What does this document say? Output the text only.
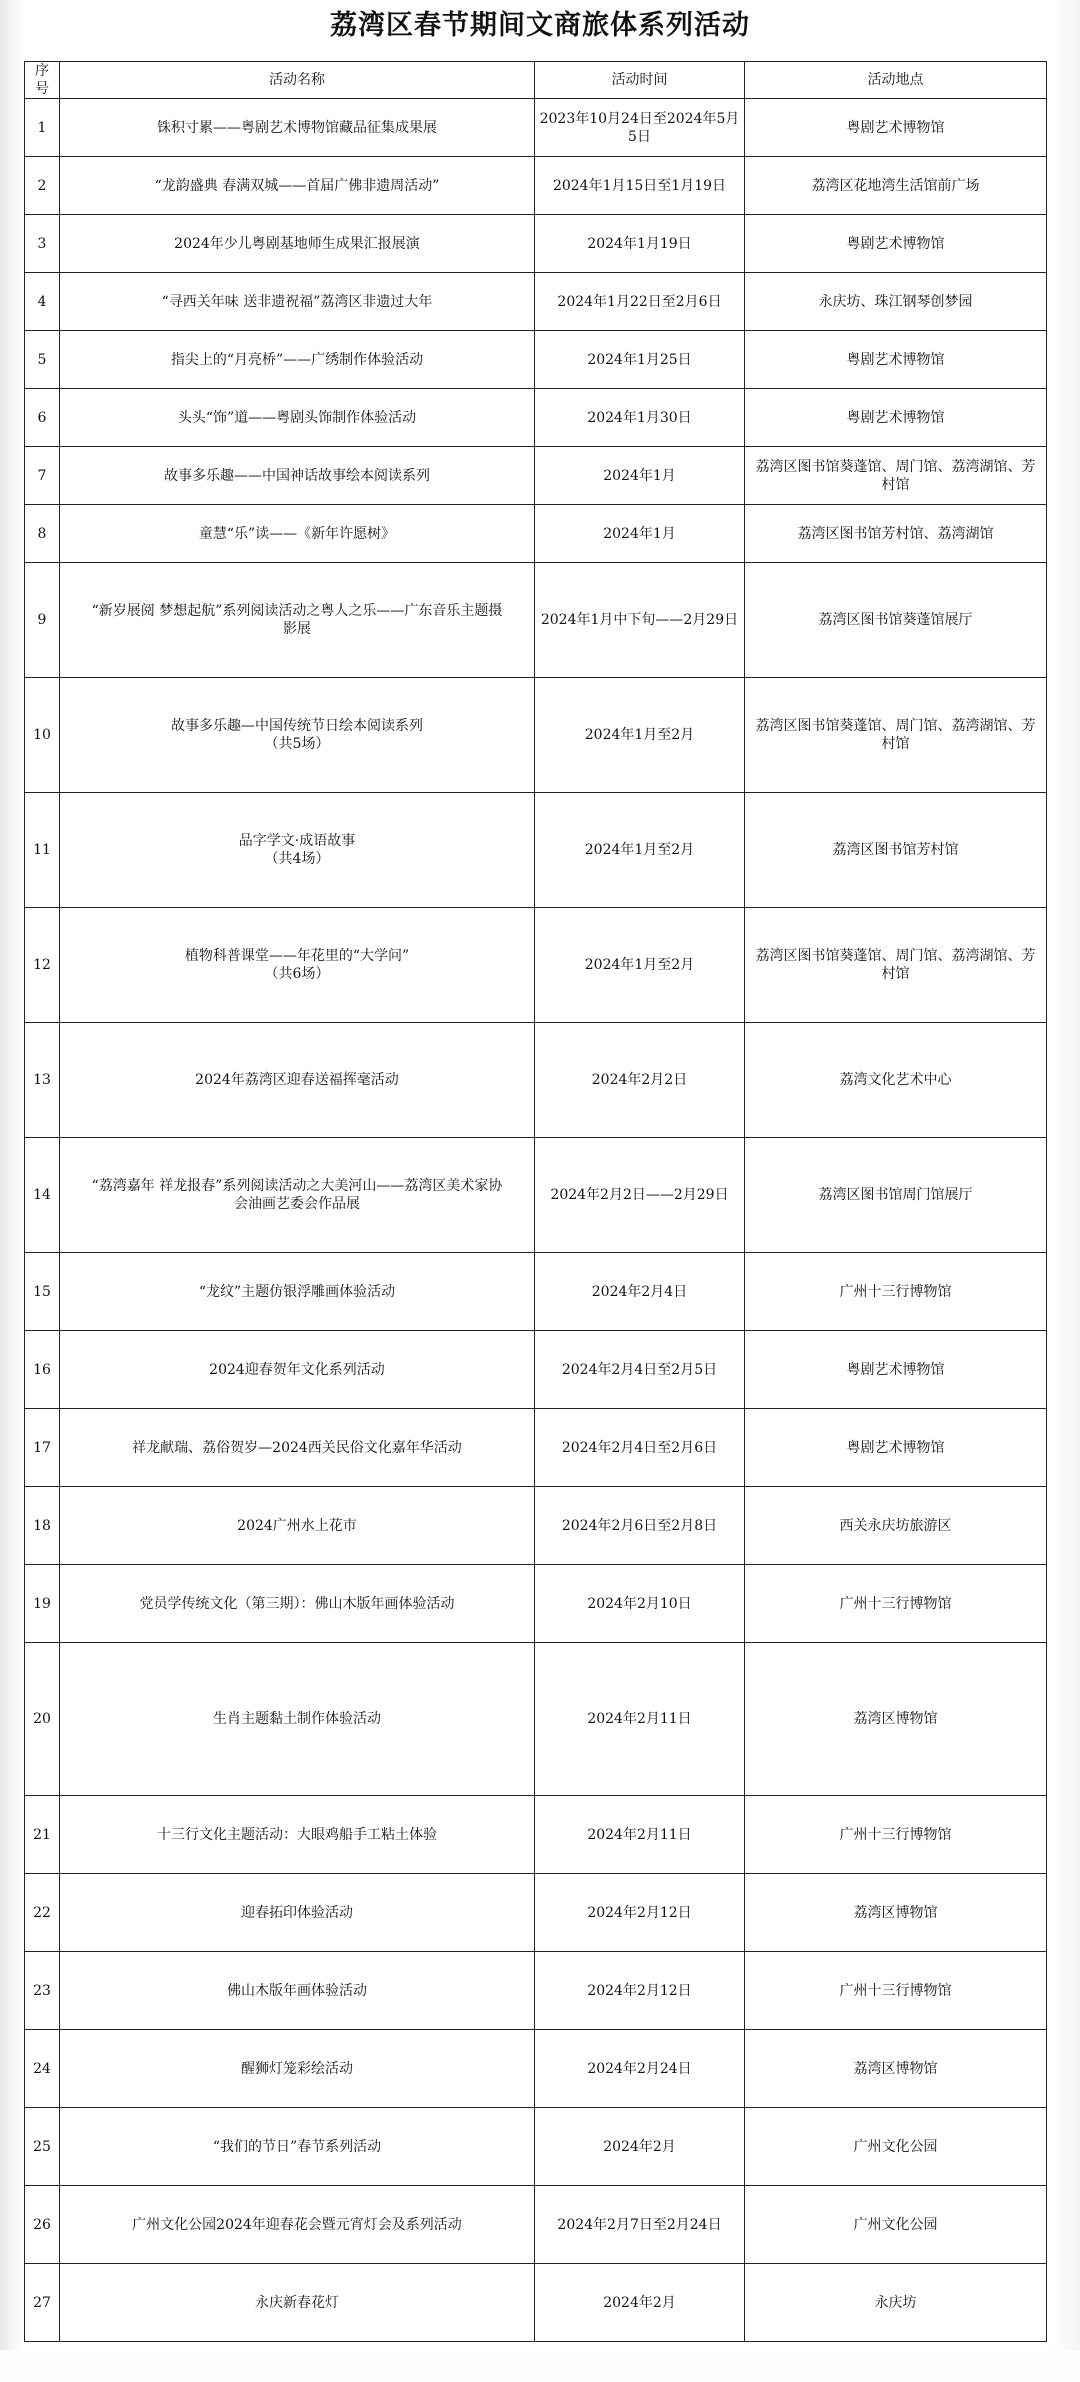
荔湾区春节期间文商旅体系列活动
序号	活动名称	活动时间	活动地点
1	铢积寸累——粤剧艺术博物馆藏品征集成果展	2023年10月24日至2024年5月5日	粤剧艺术博物馆
2	“龙韵盛典 春满双城——首届广佛非遗周活动”	2024年1月15日至1月19日	荔湾区花地湾生活馆前广场
3	2024年少儿粤剧基地师生成果汇报展演	2024年1月19日	粤剧艺术博物馆
4	“寻西关年味 送非遗祝福”荔湾区非遗过大年	2024年1月22日至2月6日	永庆坊、珠江钢琴创梦园
5	指尖上的“月亮桥”——广绣制作体验活动	2024年1月25日	粤剧艺术博物馆
6	头头“饰”道——粤剧头饰制作体验活动	2024年1月30日	粤剧艺术博物馆
7	故事多乐趣——中国神话故事绘本阅读系列	2024年1月	荔湾区图书馆葵蓬馆、周门馆、荔湾湖馆、芳村馆
8	童慧“乐”读——《新年许愿树》	2024年1月	荔湾区图书馆芳村馆、荔湾湖馆
9	“新岁展阅 梦想起航”系列阅读活动之粤人之乐——广东音乐主题摄
影展	2024年1月中下旬——2月29日	荔湾区图书馆葵蓬馆展厅
10	故事多乐趣—中国传统节日绘本阅读系列
（共5场）	2024年1月至2月	荔湾区图书馆葵蓬馆、周门馆、荔湾湖馆、芳村馆
11	品字学文·成语故事
（共4场）	2024年1月至2月	荔湾区图书馆芳村馆
12	植物科普课堂——年花里的“大学问”
（共6场）	2024年1月至2月	荔湾区图书馆葵蓬馆、周门馆、荔湾湖馆、芳村馆
13	2024年荔湾区迎春送福挥毫活动	2024年2月2日	荔湾文化艺术中心
14	“荔湾嘉年 祥龙报春”系列阅读活动之大美河山——荔湾区美术家协
会油画艺委会作品展	2024年2月2日——2月29日	荔湾区图书馆周门馆展厅
15	“龙纹”主题仿银浮雕画体验活动	2024年2月4日	广州十三行博物馆
16	2024迎春贺年文化系列活动	2024年2月4日至2月5日	粤剧艺术博物馆
17	祥龙献瑞、荔俗贺岁—2024西关民俗文化嘉年华活动	2024年2月4日至2月6日	粤剧艺术博物馆
18	2024广州水上花市	2024年2月6日至2月8日	西关永庆坊旅游区
19	党员学传统文化（第三期）：佛山木版年画体验活动	2024年2月10日	广州十三行博物馆
20	生肖主题黏土制作体验活动	2024年2月11日	荔湾区博物馆
21	十三行文化主题活动：大眼鸡船手工粘土体验	2024年2月11日	广州十三行博物馆
22	迎春拓印体验活动	2024年2月12日	荔湾区博物馆
23	佛山木版年画体验活动	2024年2月12日	广州十三行博物馆
24	醒狮灯笼彩绘活动	2024年2月24日	荔湾区博物馆
25	“我们的节日”春节系列活动	2024年2月	广州文化公园
26	广州文化公园2024年迎春花会暨元宵灯会及系列活动	2024年2月7日至2月24日	广州文化公园
27	永庆新春花灯	2024年2月	永庆坊
